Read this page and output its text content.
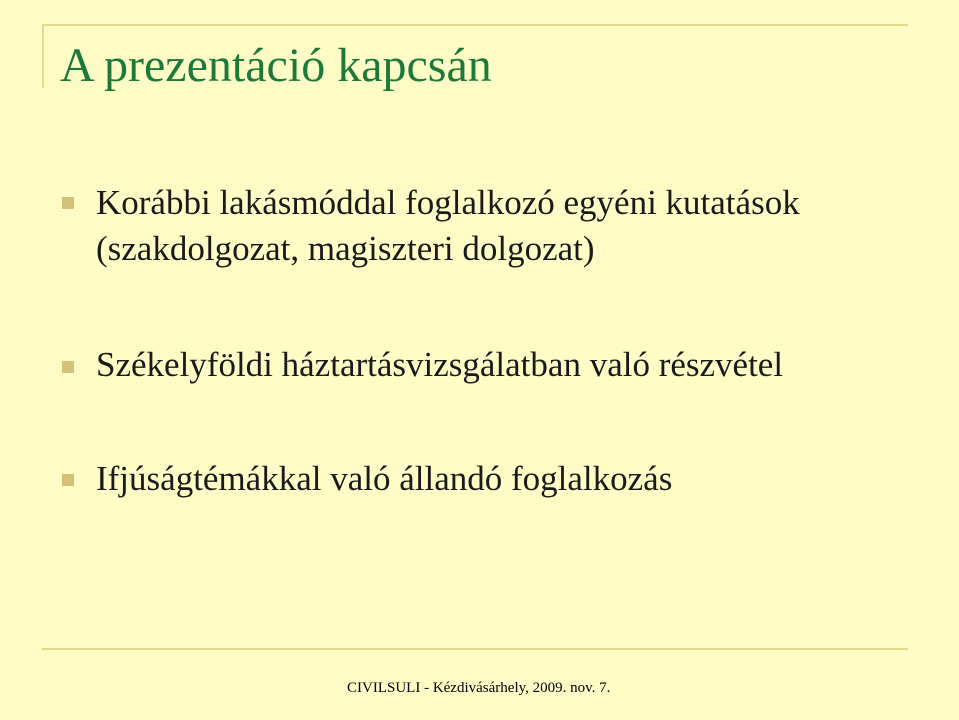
A prezentáció kapcsán
Korábbi lakásmóddal foglalkozó egyéni kutatások
(szakdolgozat, magiszteri dolgozat)
Székelyföldi háztartásvizsgálatban való részvétel
Ifjúságtémákkal való állandó foglalkozás
CIVILSULI - Kézdivásárhely, 2009. nov. 7.
